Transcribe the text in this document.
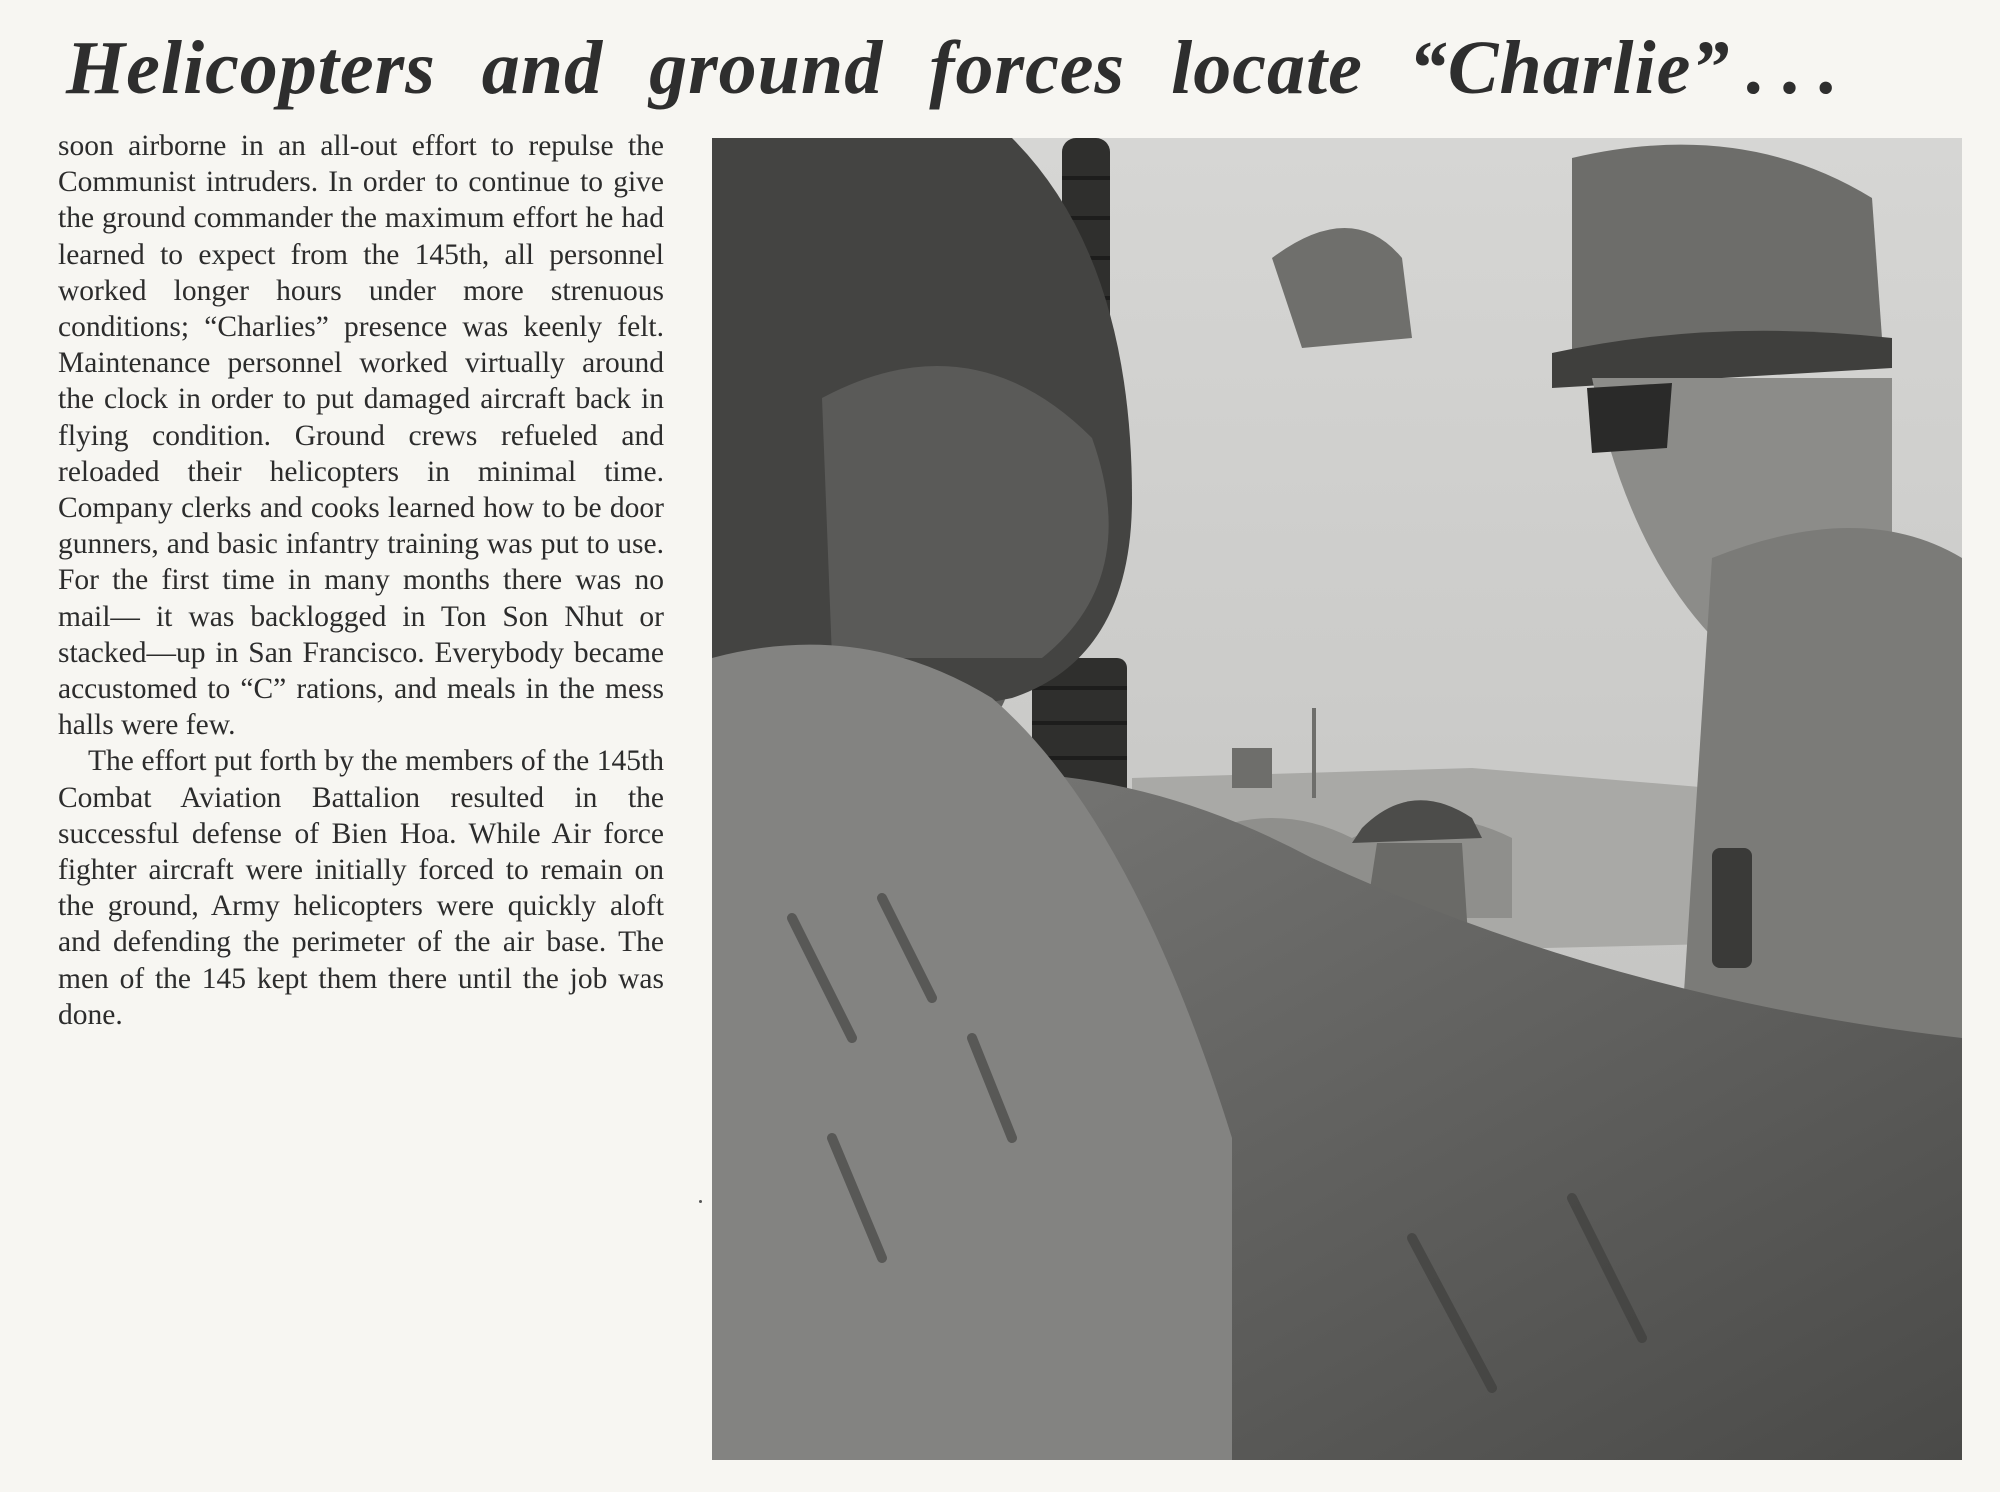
Helicopters and ground forces locate “Charlie” . . .

soon airborne in an all-out effort to repulse the Communist intruders. In order to continue to give the ground commander the maximum effort he had learned to expect from the 145th, all personnel worked longer hours under more strenuous conditions; “Charlies” presence was keenly felt. Maintenance personnel worked virtually around the clock in order to put damaged aircraft back in flying condition. Ground crews refueled and reloaded their helicopters in minimal time. Company clerks and cooks learned how to be door gunners, and basic infantry training was put to use. For the first time in many months there was no mail— it was backlogged in Ton Son Nhut or stacked—up in San Francisco. Everybody became accustomed to “C” rations, and meals in the mess halls were few.

The effort put forth by the members of the 145th Combat Aviation Battalion resulted in the successful defense of Bien Hoa. While Air force fighter aircraft were initially forced to remain on the ground, Army helicopters were quickly aloft and defending the perimeter of the air base. The men of the 145 kept them there until the job was done.
